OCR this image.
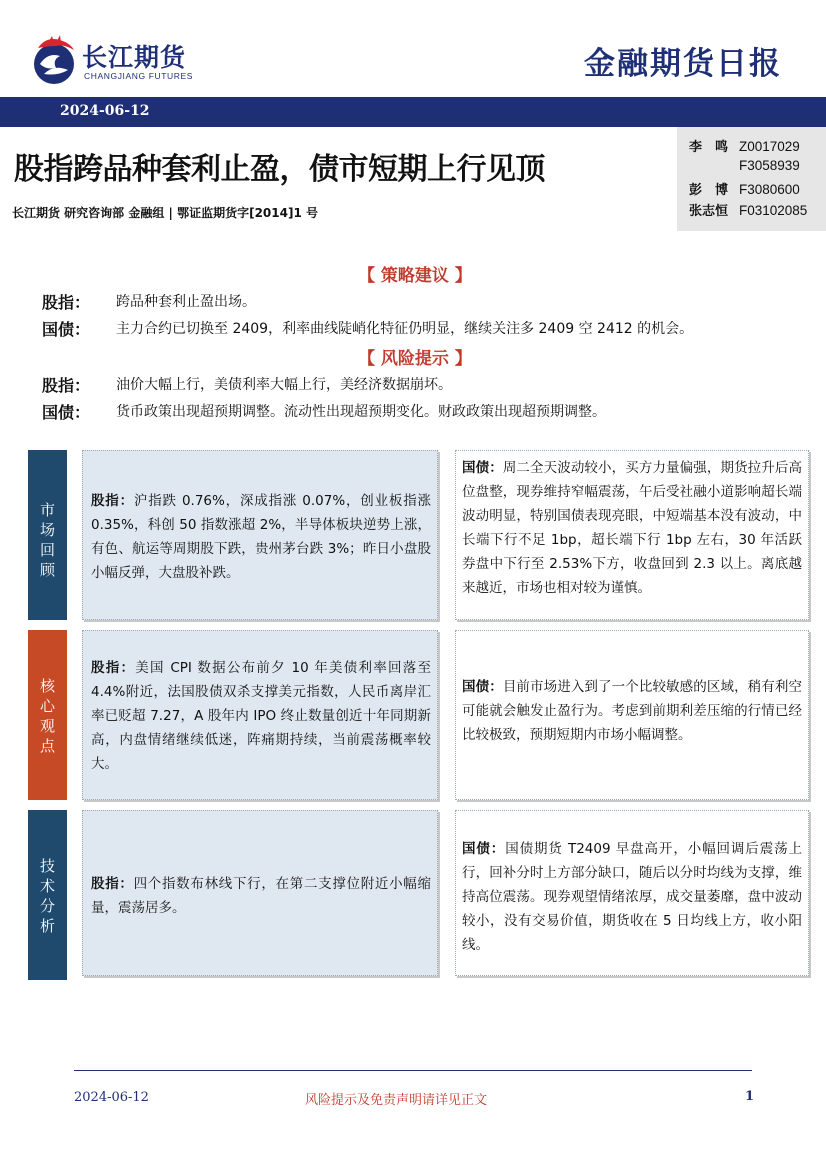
长江期货
CHANGJIANG FUTURES	金融期货日报
2024-06-12
股指跨品种套利止盈，债市短期上行见顶
长江期货 研究咨询部 金融组 | 鄂证监期货字[2014]1 号
李　鸣 Z0017029
F3058939
彭　博 F3080600
张志恒 F03102085
【 策略建议 】
股指： 跨品种套利止盈出场。
国债： 主力合约已切换至 2409，利率曲线陡峭化特征仍明显，继续关注多 2409 空 2412 的机会。
【 风险提示 】
股指： 油价大幅上行，美债利率大幅上行，美经济数据崩坏。
国债： 货币政策出现超预期调整。流动性出现超预期变化。财政政策出现超预期调整。
市
场
回
顾
股指：沪指跌 0.76%，深成指涨 0.07%，创业板指涨 0.35%，科创 50 指数涨超 2%，半导体板块逆势上涨，有色、航运等周期股下跌，贵州茅台跌 3%；昨日小盘股小幅反弹，大盘股补跌。
国债：周二全天波动较小，买方力量偏强，期货拉升后高位盘整，现券维持窄幅震荡，午后受社融小道影响超长端波动明显，特别国债表现亮眼，中短端基本没有波动，中长端下行不足 1bp，超长端下行 1bp 左右，30 年活跃券盘中下行至 2.53%下方，收盘回到 2.3 以上。离底越来越近，市场也相对较为谨慎。
核
心
观
点
股指：美国 CPI 数据公布前夕 10 年美债利率回落至 4.4%附近，法国股债双杀支撑美元指数，人民币离岸汇率已贬超 7.27，A 股年内 IPO 终止数量创近十年同期新高，内盘情绪继续低迷，阵痛期持续，当前震荡概率较大。
国债：目前市场进入到了一个比较敏感的区域，稍有利空可能就会触发止盈行为。考虑到前期利差压缩的行情已经比较极致，预期短期内市场小幅调整。
技
术
分
析
股指：四个指数布林线下行，在第二支撑位附近小幅缩量，震荡居多。
国债：国债期货 T2409 早盘高开，小幅回调后震荡上行，回补分时上方部分缺口，随后以分时均线为支撑，维持高位震荡。现券观望情绪浓厚，成交量萎靡，盘中波动较小，没有交易价值，期货收在 5 日均线上方，收小阳线。
2024-06-12	风险提示及免责声明请详见正文	1
